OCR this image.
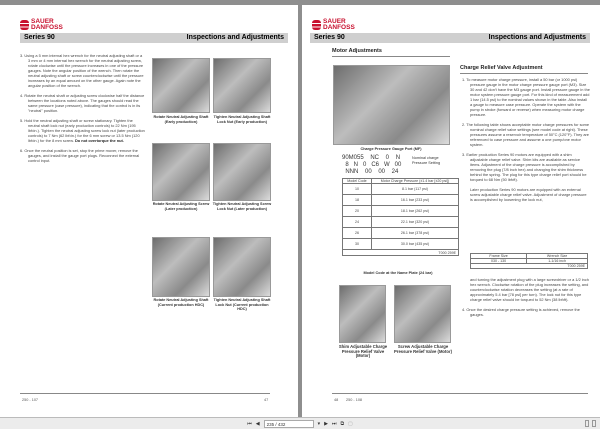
SAUER
DANFOSS
Series 90	Inspections and Adjustments

3. Using a 5 mm internal hex wrench for the neutral adjusting shaft or a 3 mm or 4 mm internal hex wrench for the neutral adjusting screw, rotate clockwise until the pressure increases in one of the pressure gauges. Note the angular position of the wrench. Then rotate the neutral adjusting shaft or screw counterclockwise until the pressure increases by an equal amount on the other gauge. Again note the angular position of the wrench.

4. Rotate the neutral shaft or adjusting screw clockwise half the distance between the locations noted above. The gauges should read the same pressure (case pressure), indicating that the control is in its "neutral" position.

5. Hold the neutral adjusting shaft or screw stationary. Tighten the neutral shaft lock nut (early production controls) to 22 Nm (195 lbf•in.). Tighten the neutral adjusting screw lock nut (later production controls) to 7 Nm (62 lbf•in.) for the 6 mm screw or 13.5 Nm (120 lbf•in.) for the 8 mm screw. Do not overtorque the nut.

6. Once the neutral position is set, stop the prime mover, remove the gauges, and install the gauge port plugs. Reconnect the external control input.

Rotate Neutral Adjusting Shaft (Early production)
Tighten Neutral Adjusting Shaft Lock Nut (Early production)
Rotate Neutral Adjusting Screw (Later production)
Tighten Neutral Adjusting Screw Lock Nut (Later production)
Rotate Neutral Adjusting Shaft (Current production HDC)
Tighten Neutral Adjusting Shaft Lock Nut (Current production HDC)
250 - 107	47
SAUER
DANFOSS
Series 90	Inspections and Adjustments
Motor Adjustments
Charge Pressure Gauge Port (MF)
90M055    NC    0    N
8   N   0   C6   W   00
NNN    00    00    24
Nominal charge Pressure Setting
Model Code	Motor Charge Pressure (±1.4 bar [±20 psi])
10	8.1 bar (117 psi)
18	16.1 bar (233 psi)
20	18.1 bar (262 psi)
24	22.1 bar (320 psi)
26	26.1 bar (378 psi)
30	30.0 bar (435 psi)
T000 259E	
Model Code at the Name Plate (24 bar)
Shim Adjustable Charge Pressure Relief Valve (Motor)
Screw Adjustable Charge Pressure Relief Valve (Motor)
Charge Relief Valve Adjustment

1. To measure motor charge pressure, install a 50 bar (or 1000 psi) pressure gauge in the motor charge pressure gauge port (M3). Size 30 and 42 don't have the M3 gauge port. Install pressure gauge in the motor system pressure gauge port. For this kind of measurement add 1 bar (14.5 psi) to the nominal values shown in the table. Also install a gauge to measure case pressure. Operate the system with the pump in stroke (forward or reverse) when measuring motor charge pressure.

2. The following table shows acceptable motor charge pressures for some nominal charge relief valve settings (see model code at right). These pressures assume a reservoir temperature of 50°C (120°F). They are referenced to case pressure and assume a one pump/one motor system.

3. Earlier production Series 90 motors are equipped with a shim adjustable charge relief valve. Shim kits are available as service items. Adjustment of the charge pressure is accomplished by removing the plug (7/8 inch hex) and changing the shim thickness behind the spring. The plug for this type charge relief port should be torqued to 68 Nm (50 lbf•ft).

Later production Series 90 motors are equipped with an external screw adjustable charge relief valve. Adjustment of charge pressure is accomplished by loosening the lock nut,

Frame Size	Wrench Size
030 - 130	1-1/16 inch
T000 259E	

and turning the adjustment plug with a large screwdriver or a 1/2 inch hex wrench. Clockwise rotation of the plug increases the setting, and counterclockwise rotation decreases the setting (at a rate of approximately 5.4 bar [78 psi] per turn). The lock nut for this type charge relief valve should be torqued to 52 Nm (38 lbf•ft).

4. Once the desired charge pressure setting is achieved, remove the gauges.

48 250 - 108
⏮ ◀	235 / 432	▾ ▶ ⏭ ⧉ ▢
